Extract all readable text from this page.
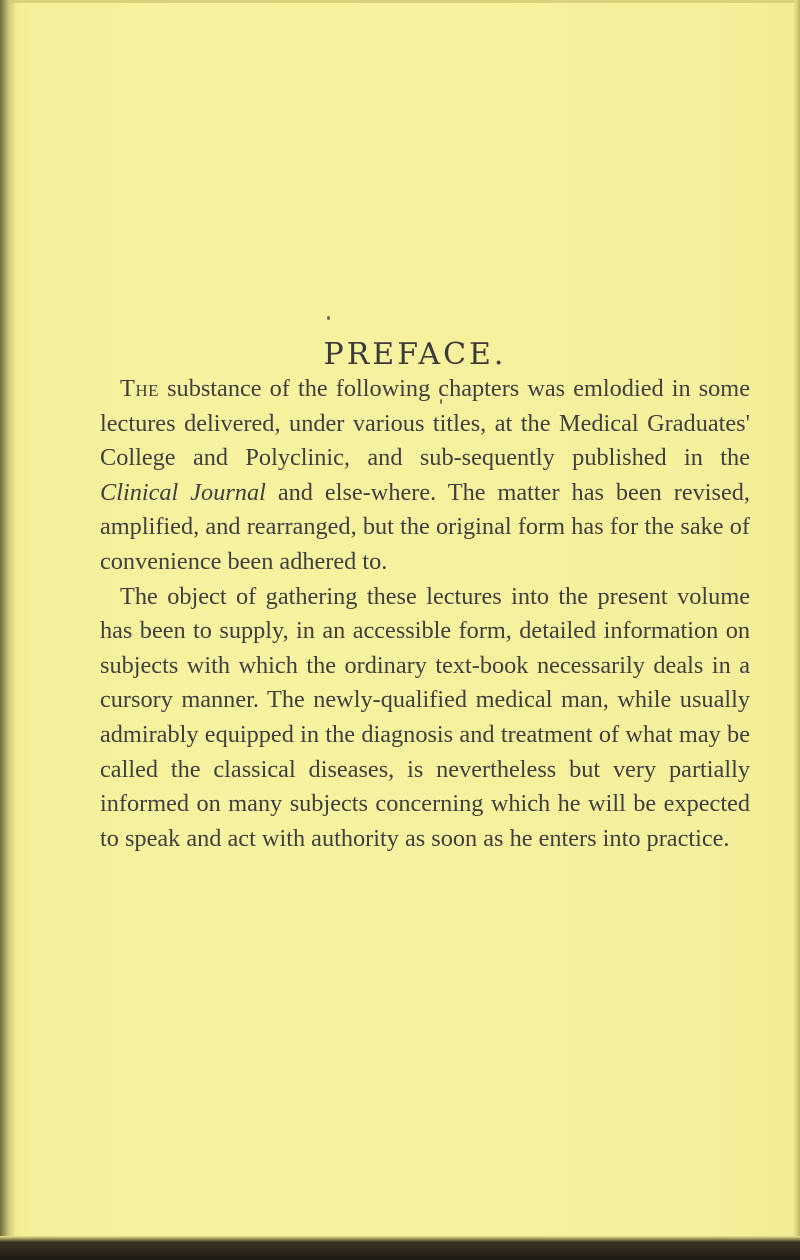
PREFACE.

The substance of the following chapters was emlodied in some lectures delivered, under various titles, at the Medical Graduates' College and Polyclinic, and sub-sequently published in the Clinical Journal and else-where. The matter has been revised, amplified, and rearranged, but the original form has for the sake of convenience been adhered to.

The object of gathering these lectures into the present volume has been to supply, in an accessible form, detailed information on subjects with which the ordinary text-book necessarily deals in a cursory manner. The newly-qualified medical man, while usually admirably equipped in the diagnosis and treatment of what may be called the classical diseases, is nevertheless but very partially informed on many subjects concerning which he will be expected to speak and act with authority as soon as he enters into practice.
